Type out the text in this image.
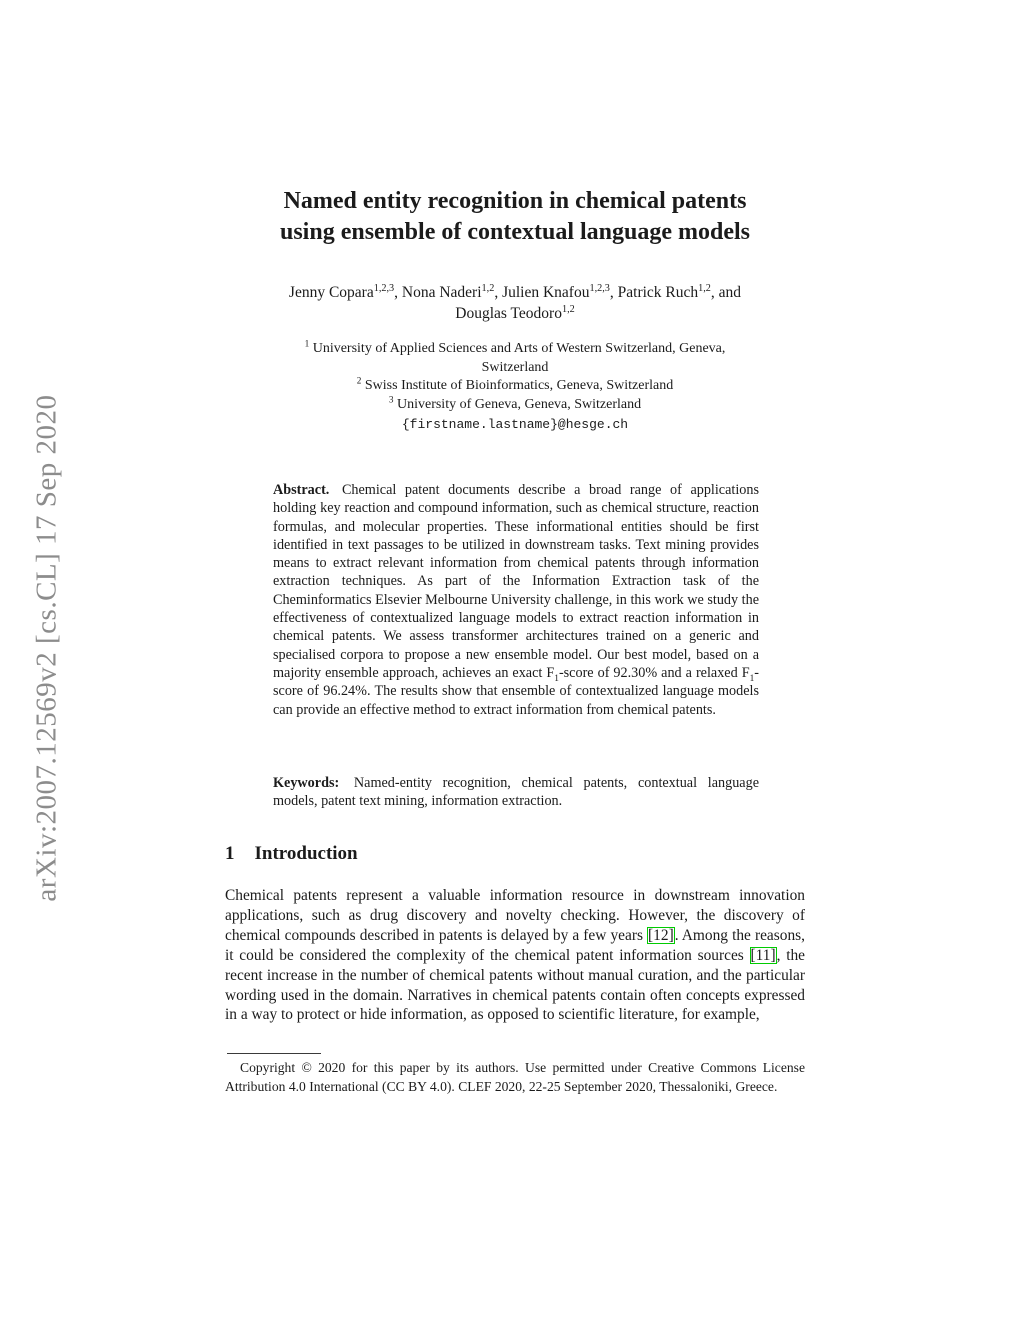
arXiv:2007.12569v2 [cs.CL] 17 Sep 2020
Named entity recognition in chemical patents
using ensemble of contextual language models
Jenny Copara$^{1,2,3}$, Nona Naderi$^{1,2}$, Julien Knafou$^{1,2,3}$, Patrick Ruch$^{1,2}$, and
Douglas Teodoro$^{1,2}$
$^1$ University of Applied Sciences and Arts of Western Switzerland, Geneva,
Switzerland
$^2$ Swiss Institute of Bioinformatics, Geneva, Switzerland
$^3$ University of Geneva, Geneva, Switzerland
{firstname.lastname}@hesge.ch
Abstract. Chemical patent documents describe a broad range of applications holding key reaction and compound information, such as chemical structure, reaction formulas, and molecular properties. These informational entities should be first identified in text passages to be utilized in downstream tasks. Text mining provides means to extract relevant information from chemical patents through information extraction techniques. As part of the Information Extraction task of the Cheminformatics Elsevier Melbourne University challenge, in this work we study the effectiveness of contextualized language models to extract reaction information in chemical patents. We assess transformer architectures trained on a generic and specialised corpora to propose a new ensemble model. Our best model, based on a majority ensemble approach, achieves an exact $F_1$-score of 92.30% and a relaxed $F_1$-score of 96.24%. The results show that ensemble of contextualized language models can provide an effective method to extract information from chemical patents.
Keywords: Named-entity recognition, chemical patents, contextual language models, patent text mining, information extraction.
1 Introduction
Chemical patents represent a valuable information resource in downstream innovation applications, such as drug discovery and novelty checking. However, the discovery of chemical compounds described in patents is delayed by a few years [12]. Among the reasons, it could be considered the complexity of the chemical patent information sources [11], the recent increase in the number of chemical patents without manual curation, and the particular wording used in the domain. Narratives in chemical patents contain often concepts expressed in a way to protect or hide information, as opposed to scientific literature, for example,
Copyright © 2020 for this paper by its authors. Use permitted under Creative Commons License Attribution 4.0 International (CC BY 4.0). CLEF 2020, 22-25 September 2020, Thessaloniki, Greece.
